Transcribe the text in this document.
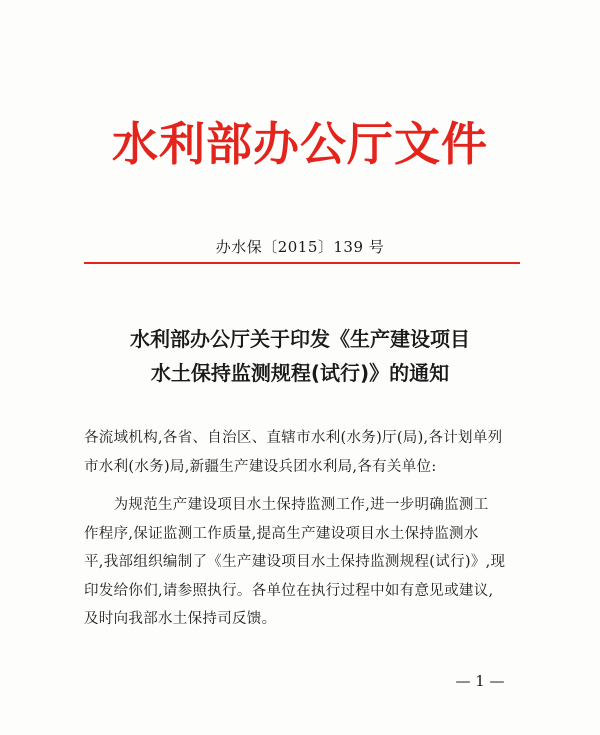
水利部办公厅文件
办水保〔2015〕139 号
水利部办公厅关于印发《生产建设项目
水土保持监测规程(试行)》的通知
各流域机构,各省、自治区、直辖市水利(水务)厅(局),各计划单列
市水利(水务)局,新疆生产建设兵团水利局,各有关单位:
　　为规范生产建设项目水土保持监测工作,进一步明确监测工
作程序,保证监测工作质量,提高生产建设项目水土保持监测水
平,我部组织编制了《生产建设项目水土保持监测规程(试行)》,现
印发给你们,请参照执行。各单位在执行过程中如有意见或建议,
及时向我部水土保持司反馈。
— 1 —
